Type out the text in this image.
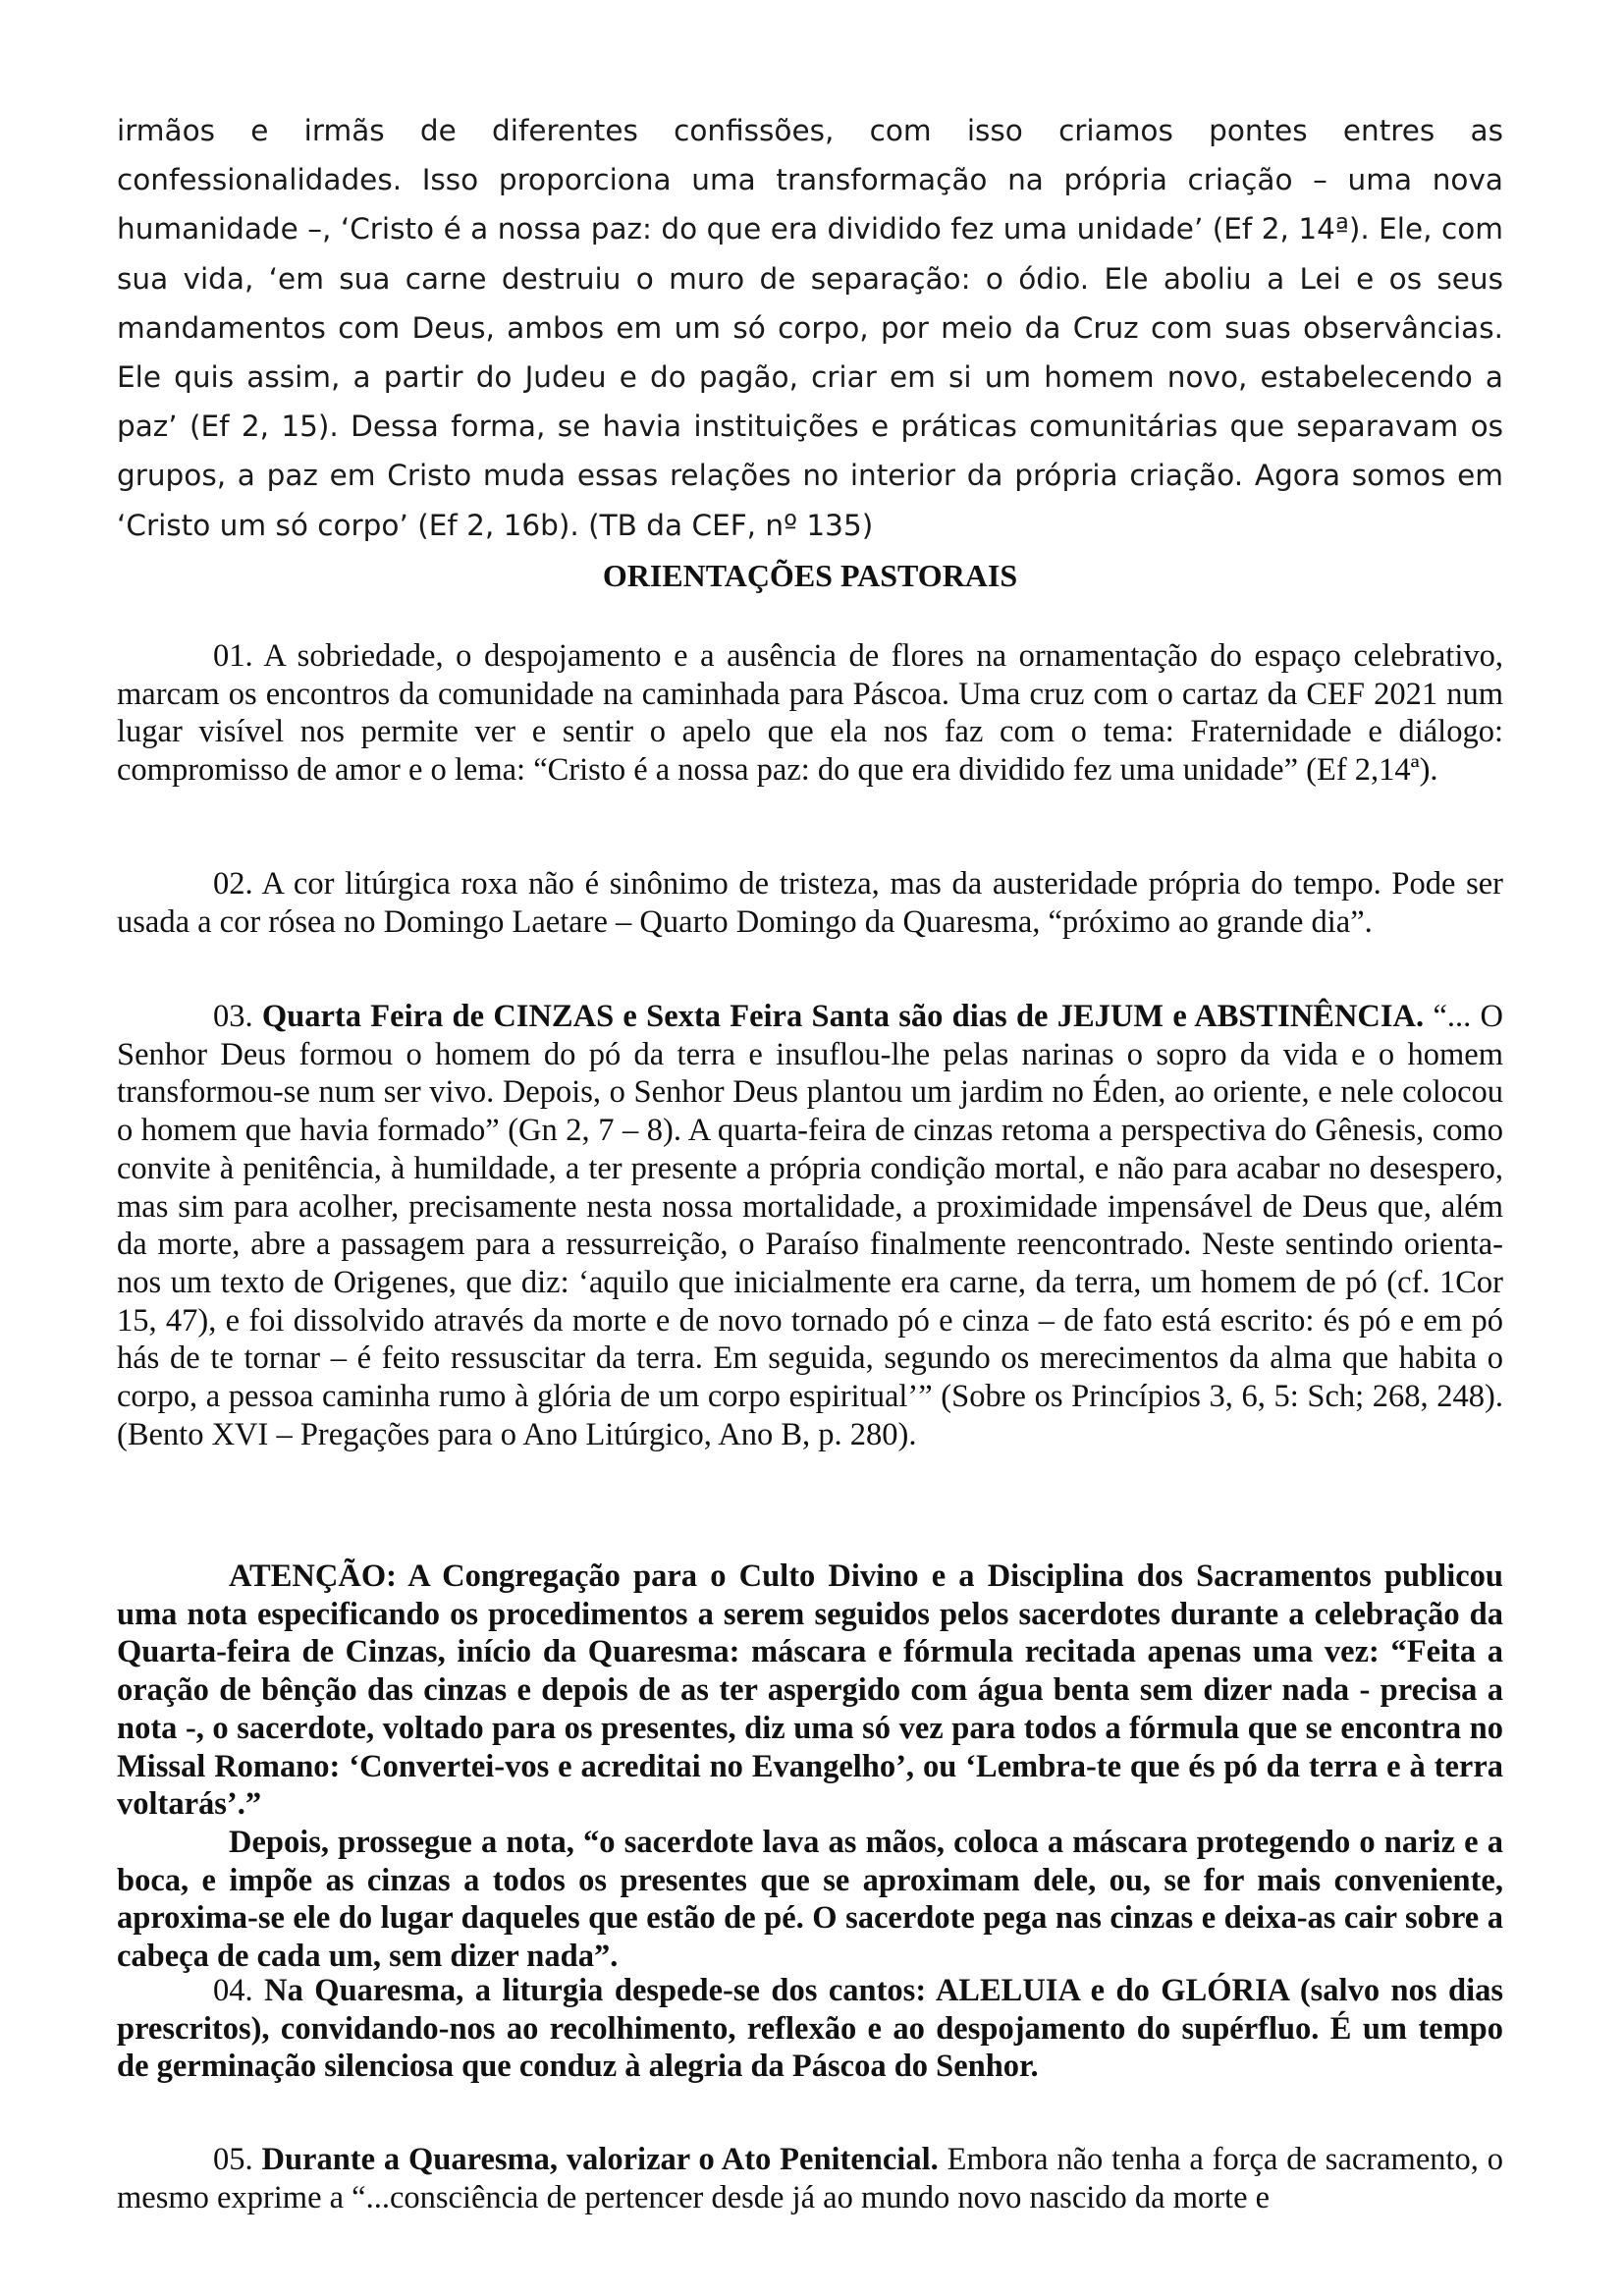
irmãos e irmãs de diferentes confissões, com isso criamos pontes entres as confessionalidades. Isso proporciona uma transformação na própria criação – uma nova humanidade –, ‘Cristo é a nossa paz: do que era dividido fez uma unidade’ (Ef 2, 14ª). Ele, com sua vida, ‘em sua carne destruiu o muro de separação: o ódio. Ele aboliu a Lei e os seus mandamentos com Deus, ambos em um só corpo, por meio da Cruz com suas observâncias. Ele quis assim, a partir do Judeu e do pagão, criar em si um homem novo, estabelecendo a paz’ (Ef 2, 15). Dessa forma, se havia instituições e práticas comunitárias que separavam os grupos, a paz em Cristo muda essas relações no interior da própria criação. Agora somos em ‘Cristo um só corpo’ (Ef 2, 16b). (TB da CEF, nº 135)

ORIENTAÇÕES PASTORAIS

01. A sobriedade, o despojamento e a ausência de flores na ornamentação do espaço celebrativo, marcam os encontros da comunidade na caminhada para Páscoa. Uma cruz com o cartaz da CEF 2021 num lugar visível nos permite ver e sentir o apelo que ela nos faz com o tema: Fraternidade e diálogo: compromisso de amor e o lema: “Cristo é a nossa paz: do que era dividido fez uma unidade” (Ef 2,14ª).

02. A cor litúrgica roxa não é sinônimo de tristeza, mas da austeridade própria do tempo. Pode ser usada a cor rósea no Domingo Laetare – Quarto Domingo da Quaresma, “próximo ao grande dia”.

03. Quarta Feira de CINZAS e Sexta Feira Santa são dias de JEJUM e ABSTINÊNCIA. “... O Senhor Deus formou o homem do pó da terra e insuflou-lhe pelas narinas o sopro da vida e o homem transformou-se num ser vivo. Depois, o Senhor Deus plantou um jardim no Éden, ao oriente, e nele colocou o homem que havia formado” (Gn 2, 7 – 8). A quarta-feira de cinzas retoma a perspectiva do Gênesis, como convite à penitência, à humildade, a ter presente a própria condição mortal, e não para acabar no desespero, mas sim para acolher, precisamente nesta nossa mortalidade, a proximidade impensável de Deus que, além da morte, abre a passagem para a ressurreição, o Paraíso finalmente reencontrado. Neste sentindo orienta-nos um texto de Origenes, que diz: ‘aquilo que inicialmente era carne, da terra, um homem de pó (cf. 1Cor 15, 47), e foi dissolvido através da morte e de novo tornado pó e cinza – de fato está escrito: és pó e em pó hás de te tornar – é feito ressuscitar da terra. Em seguida, segundo os merecimentos da alma que habita o corpo, a pessoa caminha rumo à glória de um corpo espiritual’” (Sobre os Princípios 3, 6, 5: Sch; 268, 248). (Bento XVI – Pregações para o Ano Litúrgico, Ano B, p. 280).

ATENÇÃO: A Congregação para o Culto Divino e a Disciplina dos Sacramentos publicou uma nota especificando os procedimentos a serem seguidos pelos sacerdotes durante a celebração da Quarta-feira de Cinzas, início da Quaresma: máscara e fórmula recitada apenas uma vez: “Feita a oração de bênção das cinzas e depois de as ter aspergido com água benta sem dizer nada - precisa a nota -, o sacerdote, voltado para os presentes, diz uma só vez para todos a fórmula que se encontra no Missal Romano: ‘Convertei-vos e acreditai no Evangelho’, ou ‘Lembra-te que és pó da terra e à terra voltarás’.”

Depois, prossegue a nota, “o sacerdote lava as mãos, coloca a máscara protegendo o nariz e a boca, e impõe as cinzas a todos os presentes que se aproximam dele, ou, se for mais conveniente, aproxima-se ele do lugar daqueles que estão de pé. O sacerdote pega nas cinzas e deixa-as cair sobre a cabeça de cada um, sem dizer nada”.

04. Na Quaresma, a liturgia despede-se dos cantos: ALELUIA e do GLÓRIA (salvo nos dias prescritos), convidando-nos ao recolhimento, reflexão e ao despojamento do supérfluo. É um tempo de germinação silenciosa que conduz à alegria da Páscoa do Senhor.

05. Durante a Quaresma, valorizar o Ato Penitencial. Embora não tenha a força de sacramento, o mesmo exprime a “...consciência de pertencer desde já ao mundo novo nascido da morte e
